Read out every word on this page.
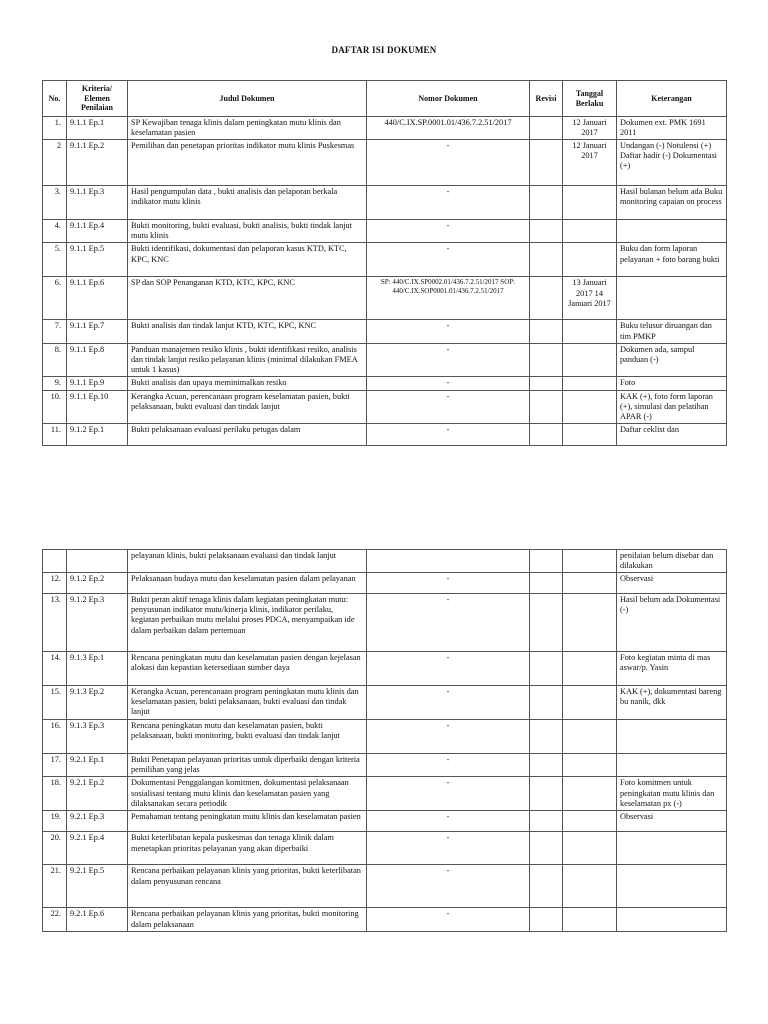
DAFTAR ISI DOKUMEN
No.	Kriteria/ Elemen Penilaian	Judul Dokumen	Nomor Dokumen	Revisi	Tanggal Berlaku	Keterangan
1.	9.1.1 Ep.1	SP Kewajiban tenaga klinis dalam peningkatan mutu klinis dan keselamatan pasien	440/C.IX.SP.0001.01/436.7.2.51/2017		12 Januari 2017	Dokumen ext. PMK 1691 2011
2	9.1.1 Ep.2	Pemilihan dan penetapan prioritas indikator mutu klinis Puskesmas	-		12 Januari 2017	Undangan (-) Notulensi (+) Daftar hadir (-) Dokumentasi (+)
3.	9.1.1 Ep.3	Hasil pengumpulan data , bukti analisis dan pelaporan berkala indikator mutu klinis	-			Hasil bulanan belum ada Buku monitoring capaian on process
4.	9.1.1 Ep.4	Bukti monitoring, bukti evaluasi, bukti analisis, bukti tindak lanjut mutu klinis	-			
5.	9.1.1 Ep.5	Bukti identifikasi, dokumentasi dan pelaporan kasus KTD, KTC, KPC, KNC	-			Buku dan form laporan pelayanan + foto barang bukti
6.	9.1.1 Ep.6	SP dan SOP Penanganan KTD, KTC, KPC, KNC	SP: 440/C.IX.SP0002.01/436.7.2.51/2017 SOP: 440/C.IX.SOP0001.01/436.7.2.51/2017		13 Januari 2017 14 Januari 2017	
7.	9.1.1 Ep.7	Bukti analisis dan tindak lanjut KTD, KTC, KPC, KNC	-			Buku telusur diruangan dan tim PMKP
8.	9.1.1 Ep.8	Panduan manajemen resiko klinis , bukti identifikasi resiko, analisis dan tindak lanjut resiko pelayanan klinis (minimal dilakukan FMEA untuk 1 kasus)	-			Dokumen ada, sampul panduan (-)
9.	9.1.1 Ep.9	Bukti analisis dan upaya meminimalkan resiko	-			Foto
10.	9.1.1 Ep.10	Kerangka Acuan, perencanaan program keselamatan pasien, bukti pelaksanaan, bukti evaluasi dan tindak lanjut	-			KAK (+), foto form laporan (+), simulasi dan pelatihan APAR (-)
11.	9.1.2 Ep.1	Bukti pelaksanaan evaluasi perilaku petugas dalam	-			Daftar ceklist dan
		pelayanan klinis, bukti pelaksanaan evaluasi dan tindak lanjut				penilaian belum disebar dan dilakukan
12.	9.1.2 Ep.2	Pelaksanaan budaya mutu dan keselamatan pasien dalam pelayanan	-			Observasi
13.	9.1.2 Ep.3	Bukti peran aktif tenaga klinis dalam kegiatan peningkatan mutu: penyusunan indikator mutu/kinerja klinis, indikator perilaku, kegiatan perbaikan mutu melalui proses PDCA, menyampaikan ide dalam perbaikan dalam pertemuan	-			Hasil belum ada Dokumentasi (-)
14.	9.1.3 Ep.1	Rencana peningkatan mutu dan keselamatan pasien dengan kejelasan alokasi dan kepastian ketersediaan sumber daya	-			Foto kegiatan minta di mas aswar/p. Yasin
15.	9.1.3 Ep.2	Kerangka Acuan, perencanaan program peningkatan mutu klinis dan keselamatan pasien, bukti pelaksanaan, bukti evaluasi dan tindak lanjut	-			KAK (+), dokumentasi bareng bu nanik, dkk
16.	9.1.3 Ep.3	Rencana peningkatan mutu dan keselamatan pasien, bukti pelaksanaan, bukti monitoring, bukti evaluasi dan tindak lanjut	-			
17.	9.2.1 Ep.1	Bukti Penetapan pelayanan prioritas untuk diperbaiki dengan kriteria pemilihan yang jelas	-			
18.	9.2.1 Ep.2	Dokumentasi Penggalangan komitmen, dokumentasi pelaksanaan sosialisasi tentang mutu klinis dan keselamatan pasien yang dilaksanakan secara periodik	-			Foto komitmen untuk peningkatan mutu klinis dan keselamatan px (-)
19.	9.2.1 Ep.3	Pemahaman tentang peningkatan mutu klinis dan keselamatan pasien	-			Observasi
20.	9.2.1 Ep.4	Bukti keterlibatan kepala puskesmas dan tenaga klinik dalam menetapkan prioritas pelayanan yang akan diperbaiki	-			
21.	9.2.1 Ep.5	Rencana perbaikan pelayanan klinis yang prioritas, bukti keterlibatan dalam penyusunan rencana	-			
22.	9.2.1 Ep.6	Rencana perbaikan pelayanan klinis yang prioritas, bukti monitoring dalam pelaksanaan	-			
